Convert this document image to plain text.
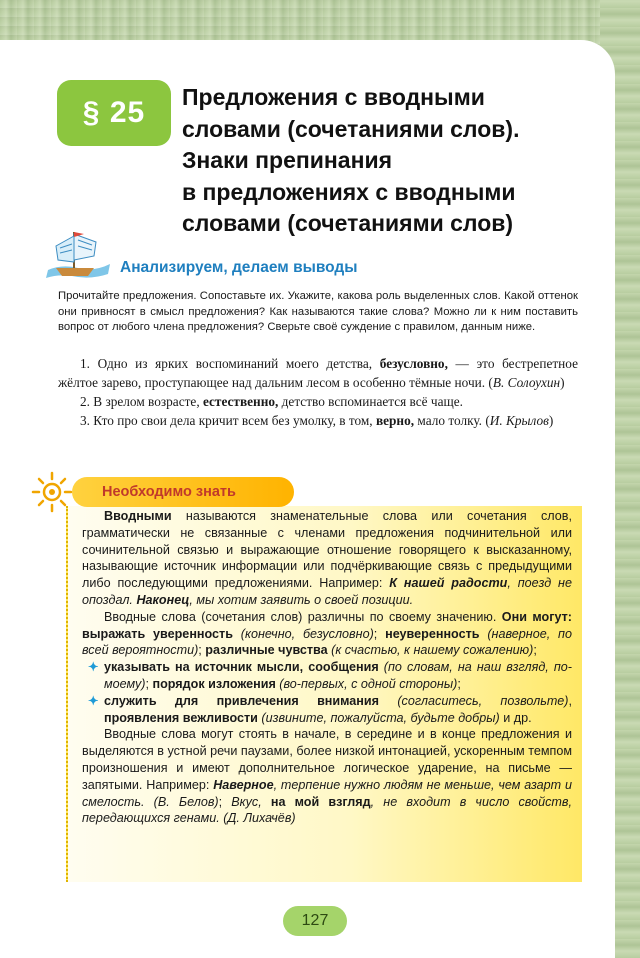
§ 25	Предложения с вводными
словами (сочетаниями слов).
Знаки препинания
в предложениях с вводными
словами (сочетаниями слов)
Анализируем, делаем выводы
Прочитайте предложения. Сопоставьте их. Укажите, какова роль выделенных слов. Какой оттенок они привносят в смысл предложения? Как называются такие слова? Можно ли к ним поставить вопрос от любого члена предложения? Сверьте своё суждение с правилом, данным ниже.

1. Одно из ярких воспоминаний моего детства, безусловно, — это бестрепетное жёлтое зарево, проступающее над дальним лесом в особенно тёмные ночи. (В. Солоухин)

2. В зрелом возрасте, естественно, детство вспоминается всё чаще.

3. Кто про свои дела кричит всем без умолку, в том, верно, мало толку. (И. Крылов)

Необходимо знать

Вводными называются знаменательные слова или сочетания слов, грамматически не связанные с членами предложения подчинительной или сочинительной связью и выражающие отношение говорящего к высказанному, называющие источник информации или подчёркивающие связь с предыдущими либо последующими предложениями. Например: К нашей радости, поезд не опоздал. Наконец, мы хотим заявить о своей позиции.

Вводные слова (сочетания слов) различны по своему значению. Они могут: выражать уверенность (конечно, безусловно); неуверенность (наверное, по всей вероятности); различные чувства (к счастью, к нашему сожалению);

✦ указывать на источник мысли, сообщения (по словам, на наш взгляд, по-моему); порядок изложения (во-первых, с одной стороны);
✦ служить для привлечения внимания (согласитесь, позвольте), проявления вежливости (извините, пожалуйста, будьте добры) и др.

Вводные слова могут стоять в начале, в середине и в конце предложения и выделяются в устной речи паузами, более низкой интонацией, ускоренным темпом произношения и имеют дополнительное логическое ударение, на письме — запятыми. Например: Наверное, терпение нужно людям не меньше, чем азарт и смелость. (В. Белов); Вкус, на мой взгляд, не входит в число свойств, передающихся генами. (Д. Лихачёв)

127
